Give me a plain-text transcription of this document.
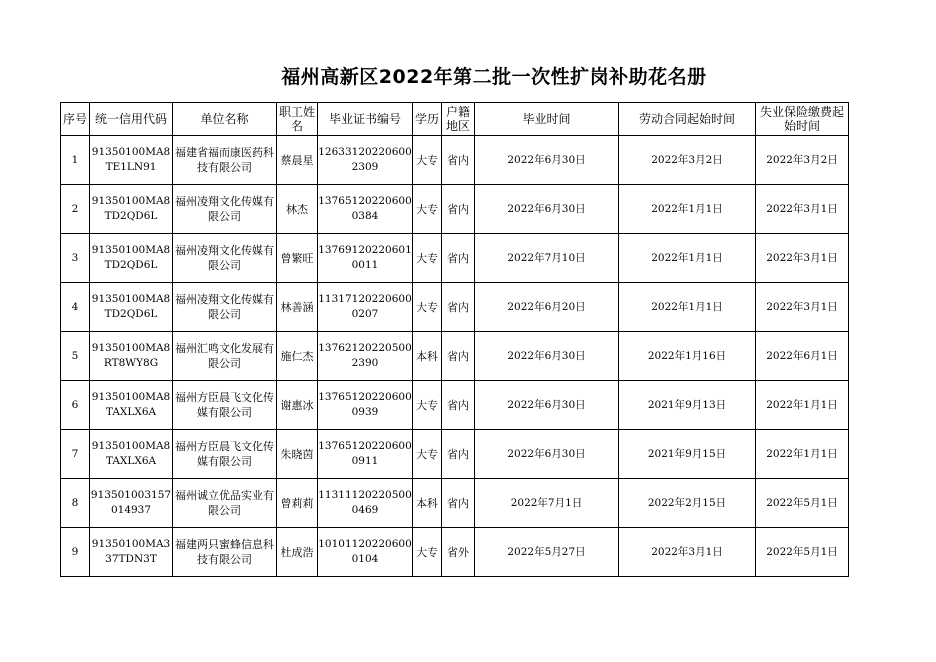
福州高新区2022年第二批一次性扩岗补助花名册
序号	统一信用代码	单位名称	职工姓名	毕业证书编号	学历	户籍地区	毕业时间	劳动合同起始时间	失业保险缴费起始时间
1	91350100MA8TE1LN91	福建省福而康医药科技有限公司	蔡晨星	126331202206002309	大专	省内	2022年6月30日	2022年3月2日	2022年3月2日
2	91350100MA8TD2QD6L	福州凌翔文化传媒有限公司	林杰	137651202206000384	大专	省内	2022年6月30日	2022年1月1日	2022年3月1日
3	91350100MA8TD2QD6L	福州凌翔文化传媒有限公司	曾繁旺	137691202206010011	大专	省内	2022年7月10日	2022年1月1日	2022年3月1日
4	91350100MA8TD2QD6L	福州凌翔文化传媒有限公司	林善涵	113171202206000207	大专	省内	2022年6月20日	2022年1月1日	2022年3月1日
5	91350100MA8RT8WY8G	福州汇鸣文化发展有限公司	施仁杰	137621202205002390	本科	省内	2022年6月30日	2022年1月16日	2022年6月1日
6	91350100MA8TAXLX6A	福州方臣晨飞文化传媒有限公司	谢惠冰	137651202206000939	大专	省内	2022年6月30日	2021年9月13日	2022年1月1日
7	91350100MA8TAXLX6A	福州方臣晨飞文化传媒有限公司	朱晓茵	137651202206000911	大专	省内	2022年6月30日	2021年9月15日	2022年1月1日
8	913501003157014937	福州诚立优品实业有限公司	曾莉莉	113111202205000469	本科	省内	2022年7月1日	2022年2月15日	2022年5月1日
9	91350100MA337TDN3T	福建两只蜜蜂信息科技有限公司	杜成浩	101011202206000104	大专	省外	2022年5月27日	2022年3月1日	2022年5月1日
